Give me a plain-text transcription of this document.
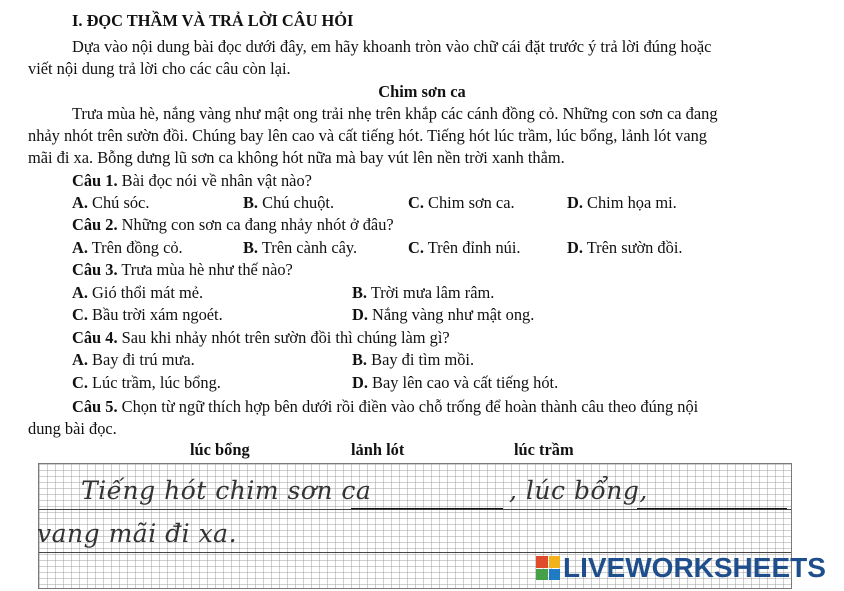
I. ĐỌC THẦM VÀ TRẢ LỜI CÂU HỎI
Dựa vào nội dung bài đọc dưới đây, em hãy khoanh tròn vào chữ cái đặt trước ý trả lời đúng hoặc
viết nội dung trả lời cho các câu còn lại.
Chim sơn ca
Trưa mùa hè, nắng vàng như mật ong trải nhẹ trên khắp các cánh đồng cỏ. Những con sơn ca đang
nhảy nhót trên sườn đồi. Chúng bay lên cao và cất tiếng hót. Tiếng hót lúc trầm, lúc bổng, lảnh lót vang
mãi đi xa. Bỗng dưng lũ sơn ca không hót nữa mà bay vút lên nền trời xanh thẳm.
Câu 1. Bài đọc nói về nhân vật nào?
A. Chú sóc.	B. Chú chuột.	C. Chim sơn ca.	D. Chim họa mi.
Câu 2. Những con sơn ca đang nhảy nhót ở đâu?
A. Trên đồng cỏ.	B. Trên cành cây.	C. Trên đỉnh núi.	D. Trên sườn đồi.
Câu 3. Trưa mùa hè như thế nào?
A. Gió thổi mát mẻ.	B. Trời mưa lâm râm.
C. Bầu trời xám ngoét.	D. Nắng vàng như mật ong.
Câu 4. Sau khi nhảy nhót trên sườn đồi thì chúng làm gì?
A. Bay đi trú mưa.	B. Bay đi tìm mồi.
C. Lúc trầm, lúc bổng.	D. Bay lên cao và cất tiếng hót.
Câu 5. Chọn từ ngữ thích hợp bên dưới rồi điền vào chỗ trống để hoàn thành câu theo đúng nội
dung bài đọc.
lúc bổng	lảnh lót	lúc trầm
Tiếng hót chim sơn ca	, lúc bổng,
vang mãi đi xa.
LIVEWORKSHEETS
